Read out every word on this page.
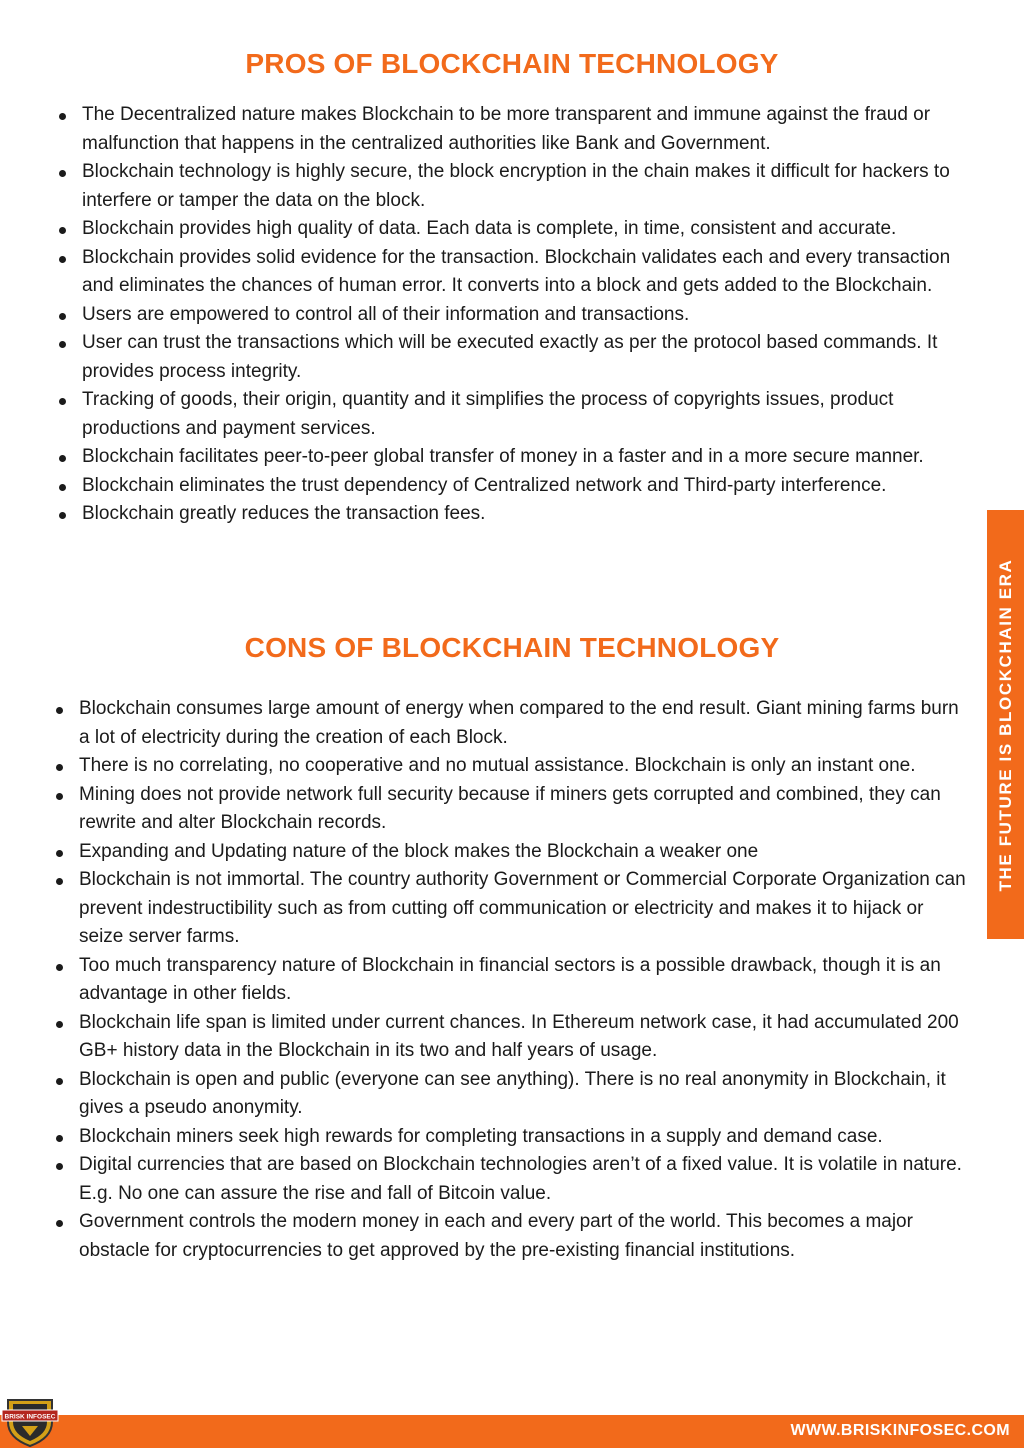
PROS OF BLOCKCHAIN TECHNOLOGY
The Decentralized nature makes Blockchain to be more transparent and immune against the fraud or malfunction that happens in the centralized authorities like Bank and Government.
Blockchain technology is highly secure, the block encryption in the chain makes it difficult for hackers to interfere or tamper the data on the block.
Blockchain provides high quality of data. Each data is complete, in time, consistent and accurate.
Blockchain provides solid evidence for the transaction. Blockchain validates each and every transaction and eliminates the chances of human error. It converts into a block and gets added to the Blockchain.
Users are empowered to control all of their information and transactions.
User can trust the transactions which will be executed exactly as per the protocol based commands. It provides process integrity.
Tracking of goods, their origin, quantity and it simplifies the process of copyrights issues, product productions and payment services.
Blockchain facilitates peer-to-peer global transfer of money in a faster and in a more secure manner.
Blockchain eliminates the trust dependency of Centralized network and Third-party interference.
Blockchain greatly reduces the transaction fees.
CONS OF BLOCKCHAIN TECHNOLOGY
Blockchain consumes large amount of energy when compared to the end result. Giant mining farms burn a lot of electricity during the creation of each Block.
There is no correlating, no cooperative and no mutual assistance. Blockchain is only an instant one.
Mining does not provide network full security because if miners gets corrupted and combined, they can rewrite and alter Blockchain records.
Expanding and Updating nature of the block makes the Blockchain a weaker one
Blockchain is not immortal. The country authority Government or Commercial Corporate Organization can prevent indestructibility such as from cutting off communication or electricity and makes it to hijack or seize server farms.
Too much transparency nature of Blockchain in financial sectors is a possible drawback, though it is an advantage in other fields.
Blockchain life span is limited under current chances. In Ethereum network case, it had accumulated 200 GB+ history data in the Blockchain in its two and half years of usage.
Blockchain is open and public (everyone can see anything). There is no real anonymity in Blockchain, it gives a pseudo anonymity.
Blockchain miners seek high rewards for completing transactions in a supply and demand case.
Digital currencies that are based on Blockchain technologies aren’t of a fixed value. It is volatile in nature. E.g. No one can assure the rise and fall of Bitcoin value.
Government controls the modern money in each and every part of the world. This becomes a major obstacle for cryptocurrencies to get approved by the pre-existing financial institutions.
THE FUTURE IS BLOCKCHAIN ERA
WWW.BRISKINFOSEC.COM
BRISK INFOSEC
